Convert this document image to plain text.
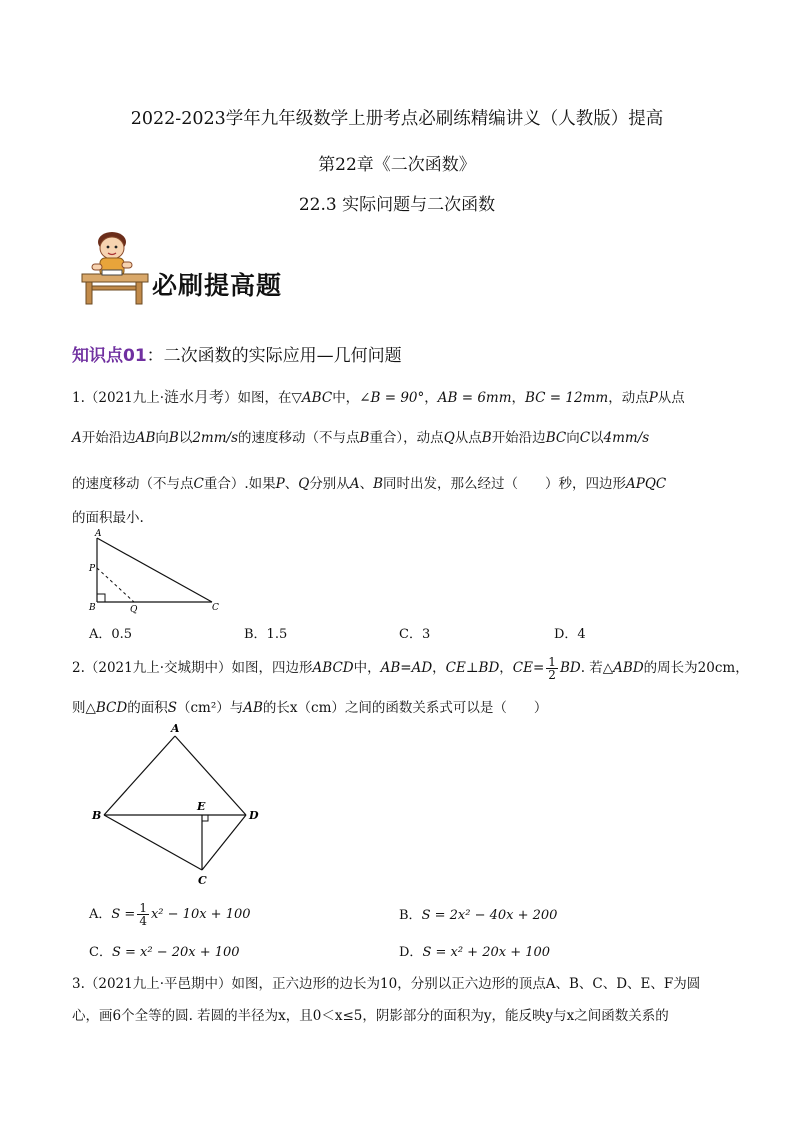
2022-2023学年九年级数学上册考点必刷练精编讲义（人教版）提高
第22章《二次函数》
22.3 实际问题与二次函数
必刷提高题
知识点01：二次函数的实际应用—几何问题
1.（2021九上·涟水月考）如图，在▽ABC中，∠B = 90°，AB = 6mm，BC = 12mm，动点P从点
A开始沿边AB向B以2mm/s的速度移动（不与点B重合），动点Q从点B开始沿边BC向C以4mm/s
的速度移动（不与点C重合）.如果P、Q分别从A、B同时出发，那么经过（　　）秒，四边形APQC
的面积最小.
A
P
B	Q	C
A．0.5	B．1.5	C．3	D．4
2.（2021九上·交城期中）如图，四边形ABCD中，AB=AD，CE⊥BD，$CE= \frac{1}{2}$ BD. 若△ABD的周长为20cm，
则△BCD的面积S（cm²）与AB的长x（cm）之间的函数关系式可以是（　　）
A
B
E
D
C
A．$S = \frac{1}{4} x^2 - 10x + 100$	B．S = 2x² − 40x + 200
C．S = x² − 20x + 100	D．S = x² + 20x + 100
3.（2021九上·平邑期中）如图，正六边形的边长为10，分别以正六边形的顶点A、B、C、D、E、F为圆
心，画6个全等的圆. 若圆的半径为x，且0＜x≤5，阴影部分的面积为y，能反映y与x之间函数关系的
